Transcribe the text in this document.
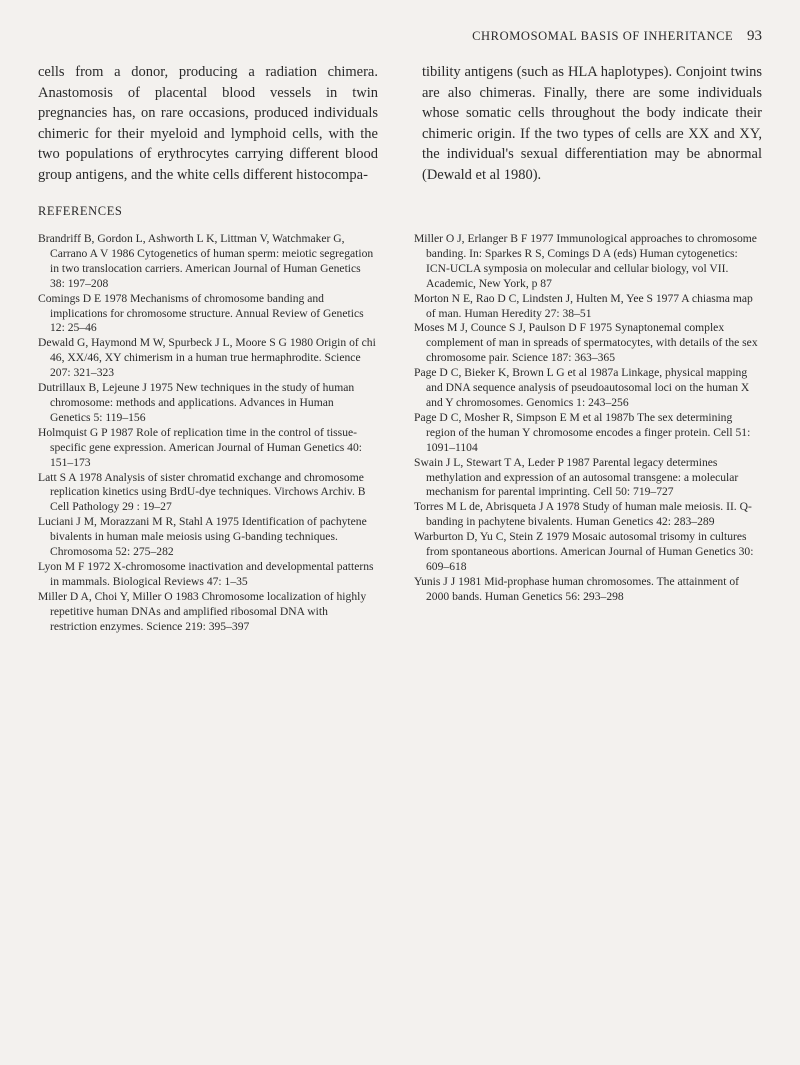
CHROMOSOMAL BASIS OF INHERITANCE 93
cells from a donor, producing a radiation chimera. Anastomosis of placental blood vessels in twin pregnancies has, on rare occasions, produced individuals chimeric for their myeloid and lymphoid cells, with the two populations of erythrocytes carrying different blood group antigens, and the white cells different histocompa-
tibility antigens (such as HLA haplotypes). Conjoint twins are also chimeras. Finally, there are some individuals whose somatic cells throughout the body indicate their chimeric origin. If the two types of cells are XX and XY, the individual's sexual differentiation may be abnormal (Dewald et al 1980).
REFERENCES
Brandriff B, Gordon L, Ashworth L K, Littman V, Watchmaker G, Carrano A V 1986 Cytogenetics of human sperm: meiotic segregation in two translocation carriers. American Journal of Human Genetics 38: 197–208
Comings D E 1978 Mechanisms of chromosome banding and implications for chromosome structure. Annual Review of Genetics 12: 25–46
Dewald G, Haymond M W, Spurbeck J L, Moore S G 1980 Origin of chi 46, XX/46, XY chimerism in a human true hermaphrodite. Science 207: 321–323
Dutrillaux B, Lejeune J 1975 New techniques in the study of human chromosome: methods and applications. Advances in Human Genetics 5: 119–156
Holmquist G P 1987 Role of replication time in the control of tissue-specific gene expression. American Journal of Human Genetics 40: 151–173
Latt S A 1978 Analysis of sister chromatid exchange and chromosome replication kinetics using BrdU-dye techniques. Virchows Archiv. B Cell Pathology 29 : 19–27
Luciani J M, Morazzani M R, Stahl A 1975 Identification of pachytene bivalents in human male meiosis using G-banding techniques. Chromosoma 52: 275–282
Lyon M F 1972 X-chromosome inactivation and developmental patterns in mammals. Biological Reviews 47: 1–35
Miller D A, Choi Y, Miller O 1983 Chromosome localization of highly repetitive human DNAs and amplified ribosomal DNA with restriction enzymes. Science 219: 395–397
Miller O J, Erlanger B F 1977 Immunological approaches to chromosome banding. In: Sparkes R S, Comings D A (eds) Human cytogenetics: ICN-UCLA symposia on molecular and cellular biology, vol VII. Academic, New York, p 87
Morton N E, Rao D C, Lindsten J, Hulten M, Yee S 1977 A chiasma map of man. Human Heredity 27: 38–51
Moses M J, Counce S J, Paulson D F 1975 Synaptonemal complex complement of man in spreads of spermatocytes, with details of the sex chromosome pair. Science 187: 363–365
Page D C, Bieker K, Brown L G et al 1987a Linkage, physical mapping and DNA sequence analysis of pseudoautosomal loci on the human X and Y chromosomes. Genomics 1: 243–256
Page D C, Mosher R, Simpson E M et al 1987b The sex determining region of the human Y chromosome encodes a finger protein. Cell 51: 1091–1104
Swain J L, Stewart T A, Leder P 1987 Parental legacy determines methylation and expression of an autosomal transgene: a molecular mechanism for parental imprinting. Cell 50: 719–727
Torres M L de, Abrisqueta J A 1978 Study of human male meiosis. II. Q-banding in pachytene bivalents. Human Genetics 42: 283–289
Warburton D, Yu C, Stein Z 1979 Mosaic autosomal trisomy in cultures from spontaneous abortions. American Journal of Human Genetics 30: 609–618
Yunis J J 1981 Mid-prophase human chromosomes. The attainment of 2000 bands. Human Genetics 56: 293–298
